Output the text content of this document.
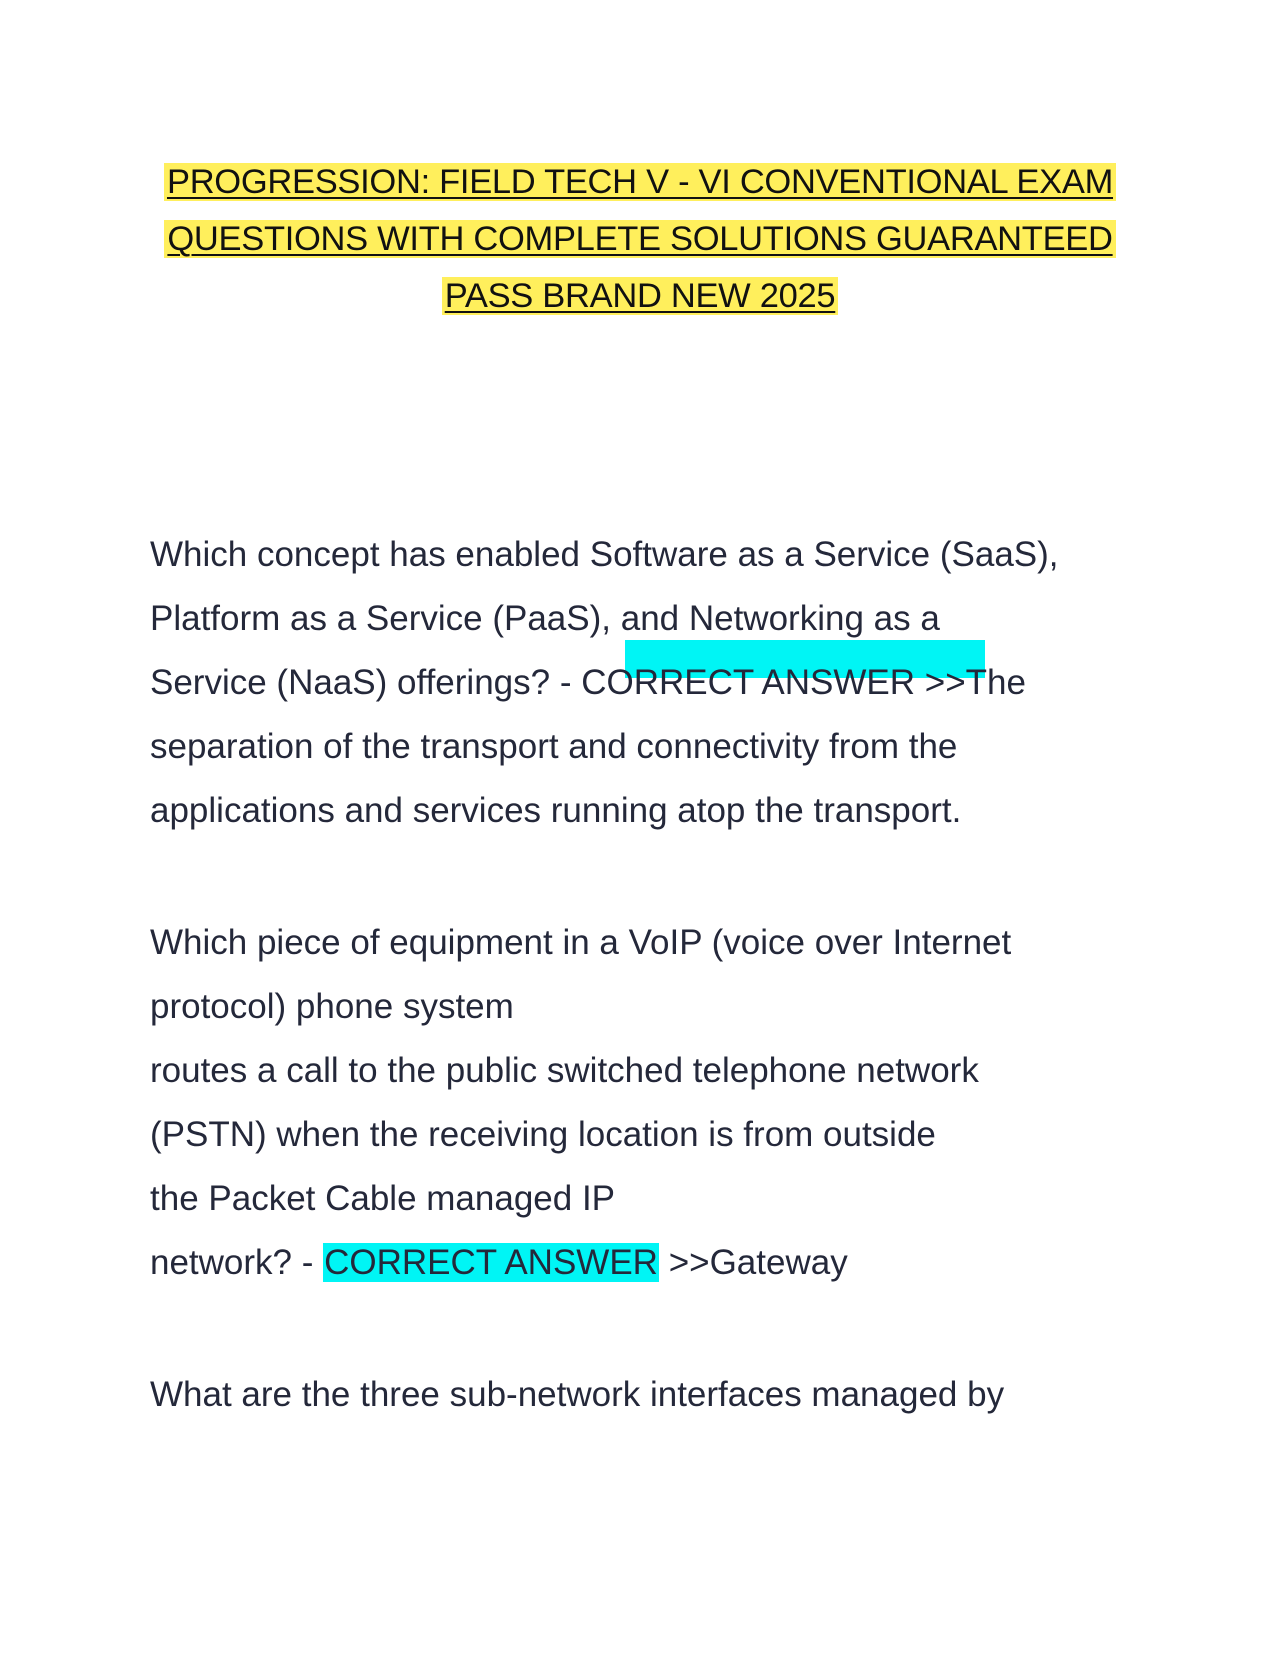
PROGRESSION: FIELD TECH V - VI CONVENTIONAL EXAM
QUESTIONS WITH COMPLETE SOLUTIONS GUARANTEED
PASS BRAND NEW 2025
Which concept has enabled Software as a Service (SaaS),
Platform as a Service (PaaS), and Networking as a
Service (NaaS) offerings? - CORRECT ANSWER >>The
separation of the transport and connectivity from the
applications and services running atop the transport.
Which piece of equipment in a VoIP (voice over Internet
protocol) phone system
routes a call to the public switched telephone network
(PSTN) when the receiving location is from outside
the Packet Cable managed IP
network? - CORRECT ANSWER >>Gateway
What are the three sub-network interfaces managed by
